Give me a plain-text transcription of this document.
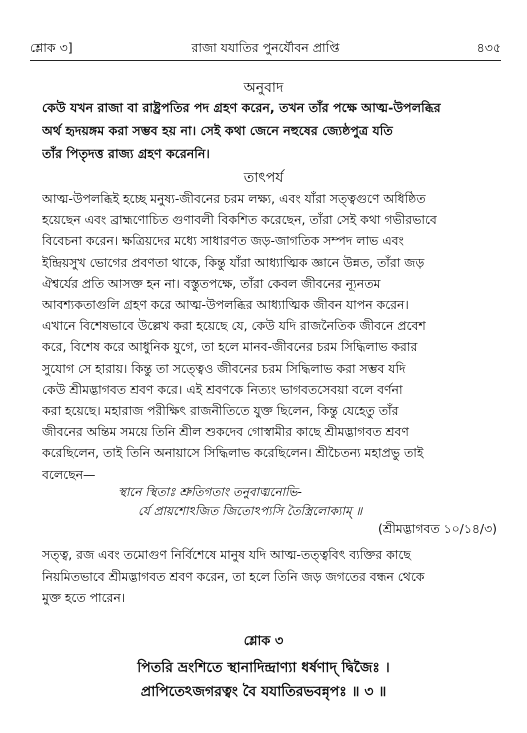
শ্লোক ৩]	রাজা যযাতির পুনর্যৌবন প্রাপ্তি	৪৩৫
অনুবাদ
কেউ যখন রাজা বা রাষ্ট্রপতির পদ গ্রহণ করেন, তখন তাঁর পক্ষে আত্ম-উপলব্ধির
অর্থ হৃদয়ঙ্গম করা সম্ভব হয় না। সেই কথা জেনে নহুষের জ্যেষ্ঠপুত্র যতি
তাঁর পিতৃদত্ত রাজ্য গ্রহণ করেননি।
তাৎপর্য
আত্ম-উপলব্ধিই হচ্ছে মনুষ্য-জীবনের চরম লক্ষ্য, এবং যাঁরা সত্ত্বগুণে অধিষ্ঠিত
হয়েছেন এবং ব্রাহ্মণোচিত গুণাবলী বিকশিত করেছেন, তাঁরা সেই কথা গভীরভাবে
বিবেচনা করেন। ক্ষত্রিয়দের মধ্যে সাধারণত জড়-জাগতিক সম্পদ লাভ এবং
ইন্দ্রিয়সুখ ভোগের প্রবণতা থাকে, কিন্তু যাঁরা আধ্যাত্মিক জ্ঞানে উন্নত, তাঁরা জড়
ঐশ্বর্যের প্রতি আসক্ত হন না। বস্তুতপক্ষে, তাঁরা কেবল জীবনের ন্যূনতম
আবশ্যকতাগুলি গ্রহণ করে আত্ম-উপলব্ধির আধ্যাত্মিক জীবন যাপন করেন।
এখানে বিশেষভাবে উল্লেখ করা হয়েছে যে, কেউ যদি রাজনৈতিক জীবনে প্রবেশ
করে, বিশেষ করে আধুনিক যুগে, তা হলে মানব-জীবনের চরম সিদ্ধিলাভ করার
সুযোগ সে হারায়। কিন্তু তা সত্ত্বেও জীবনের চরম সিদ্ধিলাভ করা সম্ভব যদি
কেউ শ্রীমদ্ভাগবত শ্রবণ করে। এই শ্রবণকে নিত্যং ভাগবতসেবয়া বলে বর্ণনা
করা হয়েছে। মহারাজ পরীক্ষিৎ রাজনীতিতে যুক্ত ছিলেন, কিন্তু যেহেতু তাঁর
জীবনের অন্তিম সময়ে তিনি শ্রীল শুকদেব গোস্বামীর কাছে শ্রীমদ্ভাগবত শ্রবণ
করেছিলেন, তাই তিনি অনায়াসে সিদ্ধিলাভ করেছিলেন। শ্রীচৈতন্য মহাপ্রভু তাই
বলেছেন—
স্থানে স্থিতাঃ শ্রুতিগতাং তনুবাঙ্মনোভি-
র্যে প্রায়শোঽজিত জিতোঽপ্যসি তৈস্ত্রিলোক্যাম্ ॥
(শ্রীমদ্ভাগবত ১০/১৪/৩)
সত্ত্ব, রজ এবং তমোগুণ নির্বিশেষে মানুষ যদি আত্ম-তত্ত্ববিৎ ব্যক্তির কাছে
নিয়মিতভাবে শ্রীমদ্ভাগবত শ্রবণ করেন, তা হলে তিনি জড় জগতের বন্ধন থেকে
মুক্ত হতে পারেন।
শ্লোক ৩
পিতরি ভ্রংশিতে স্থানাদিন্দ্রাণ্যা ধর্ষণাদ্ দ্বিজৈঃ ।
প্রাপিতেঽজগরত্বং বৈ যযাতিরভবন্নৃপঃ ॥ ৩ ॥
